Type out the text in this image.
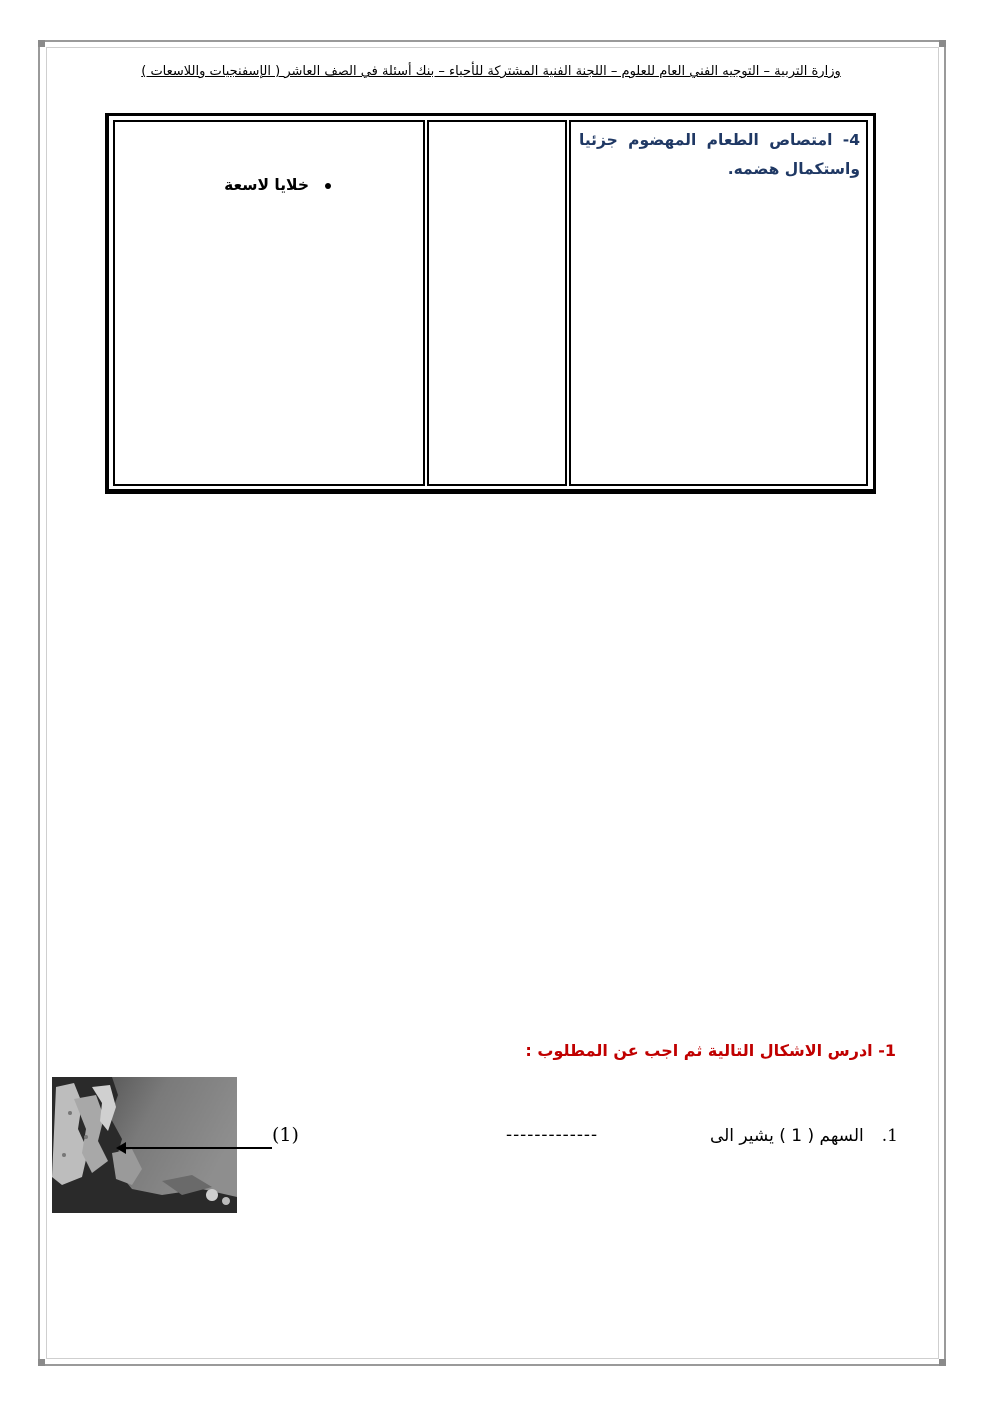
وزارة التربية – التوجيه الفني العام للعلوم – اللجنة الفنية المشتركة للأحياء – بنك أسئلة في الصف العاشر ( الإسفنجيات واللاسعات )
4- امتصاص الطعام المهضوم جزئيا واستكمال هضمه.
خلايا لاسعة
1- ادرس الاشكال التالية ثم اجب عن المطلوب :
(1)	1.السهم ( 1 ) يشير الى
-------------
